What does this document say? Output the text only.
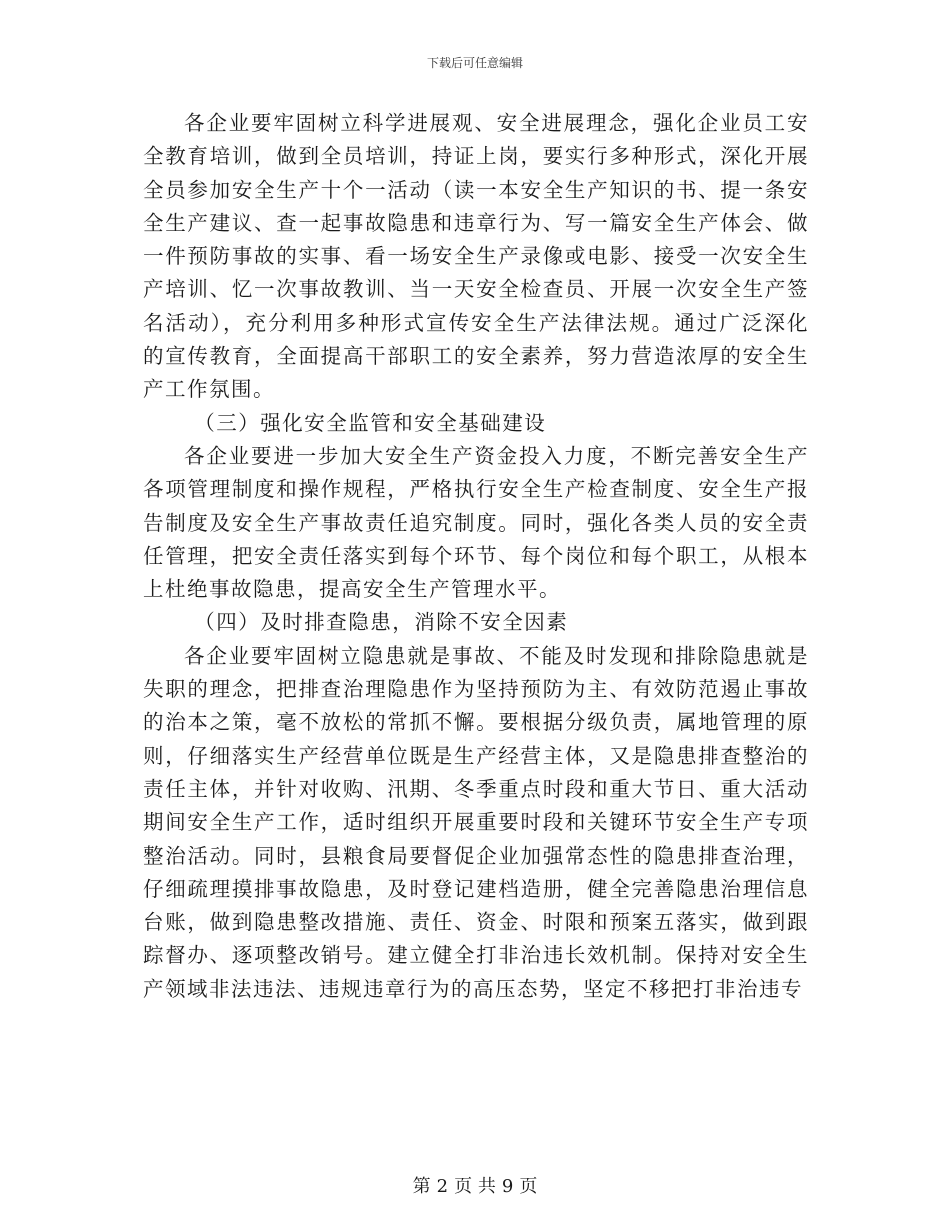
下载后可任意编辑

各企业要牢固树立科学进展观、安全进展理念，强化企业员工安全教育培训，做到全员培训，持证上岗，要实行多种形式，深化开展全员参加安全生产十个一活动（读一本安全生产知识的书、提一条安全生产建议、查一起事故隐患和违章行为、写一篇安全生产体会、做一件预防事故的实事、看一场安全生产录像或电影、接受一次安全生产培训、忆一次事故教训、当一天安全检查员、开展一次安全生产签名活动），充分利用多种形式宣传安全生产法律法规。通过广泛深化的宣传教育，全面提高干部职工的安全素养，努力营造浓厚的安全生产工作氛围。

（三）强化安全监管和安全基础建设

各企业要进一步加大安全生产资金投入力度，不断完善安全生产各项管理制度和操作规程，严格执行安全生产检查制度、安全生产报告制度及安全生产事故责任追究制度。同时，强化各类人员的安全责任管理，把安全责任落实到每个环节、每个岗位和每个职工，从根本上杜绝事故隐患，提高安全生产管理水平。

（四）及时排查隐患，消除不安全因素

各企业要牢固树立隐患就是事故、不能及时发现和排除隐患就是失职的理念，把排查治理隐患作为坚持预防为主、有效防范遏止事故的治本之策，毫不放松的常抓不懈。要根据分级负责，属地管理的原则，仔细落实生产经营单位既是生产经营主体，又是隐患排查整治的责任主体，并针对收购、汛期、冬季重点时段和重大节日、重大活动期间安全生产工作，适时组织开展重要时段和关键环节安全生产专项整治活动。同时，县粮食局要督促企业加强常态性的隐患排查治理，仔细疏理摸排事故隐患，及时登记建档造册，健全完善隐患治理信息台账，做到隐患整改措施、责任、资金、时限和预案五落实，做到跟踪督办、逐项整改销号。建立健全打非治违长效机制。保持对安全生产领域非法违法、违规违章行为的高压态势，坚定不移把打非治违专

第 2 页 共 9 页
